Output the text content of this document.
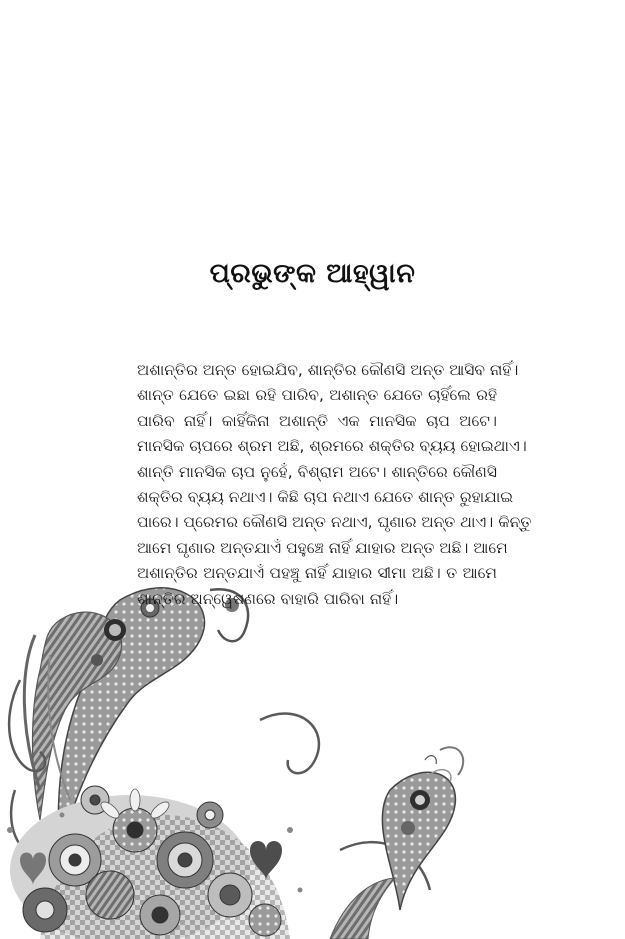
ପ୍ରଭୁଙ୍କ ଆହ୍ୱାନ
ଅଶାନ୍ତିର ଅନ୍ତ ହୋଇଯିବ, ଶାନ୍ତିର କୌଣସି ଅନ୍ତ ଆସିବ ନାହିଁ।
ଶାନ୍ତ ଯେତେ ଇଛା ରହି ପାରିବ, ଅଶାନ୍ତ ଯେତେ ଚାହିଁଲେ ରହି
ପାରିବ ନାହିଁ। କାହିଁକିନା ଅଶାନ୍ତି ଏକ ମାନସିକ ଚାପ ଅଟେ।
ମାନସିକ ଚାପରେ ଶ୍ରମ ଅଛି, ଶ୍ରମରେ ଶକ୍ତିର ବ୍ୟୟ ହୋଇଥାଏ।
ଶାନ୍ତି ମାନସିକ ଚାପ ନୁହେଁ, ବିଶ୍ରାମ ଅଟେ। ଶାନ୍ତିରେ କୌଣସି
ଶକ୍ତିର ବ୍ୟୟ ନଥାଏ। କିଛି ଚାପ ନଥାଏ ଯେତେ ଶାନ୍ତ ରୁହାଯାଇ
ପାରେ। ପ୍ରେମର କୌଣସି ଅନ୍ତ ନଥାଏ, ଘୃଣାର ଅନ୍ତ ଥାଏ। କିନ୍ତୁ
ଆମେ ଘୃଣାର ଅନ୍ତଯାଏଁ ପହୁଞ୍ଚେ ନାହିଁ ଯାହାର ଅନ୍ତ ଅଛି। ଆମେ
ଅଶାନ୍ତିର ଅନ୍ତଯାଏଁ ପହଞ୍ଚୁ ନାହିଁ ଯାହାର ସୀମା ଅଛି। ତ ଆମେ
ଶାନ୍ତିର ଅନ୍ୱେଷଣରେ ବାହାରି ପାରିବା ନାହିଁ।
